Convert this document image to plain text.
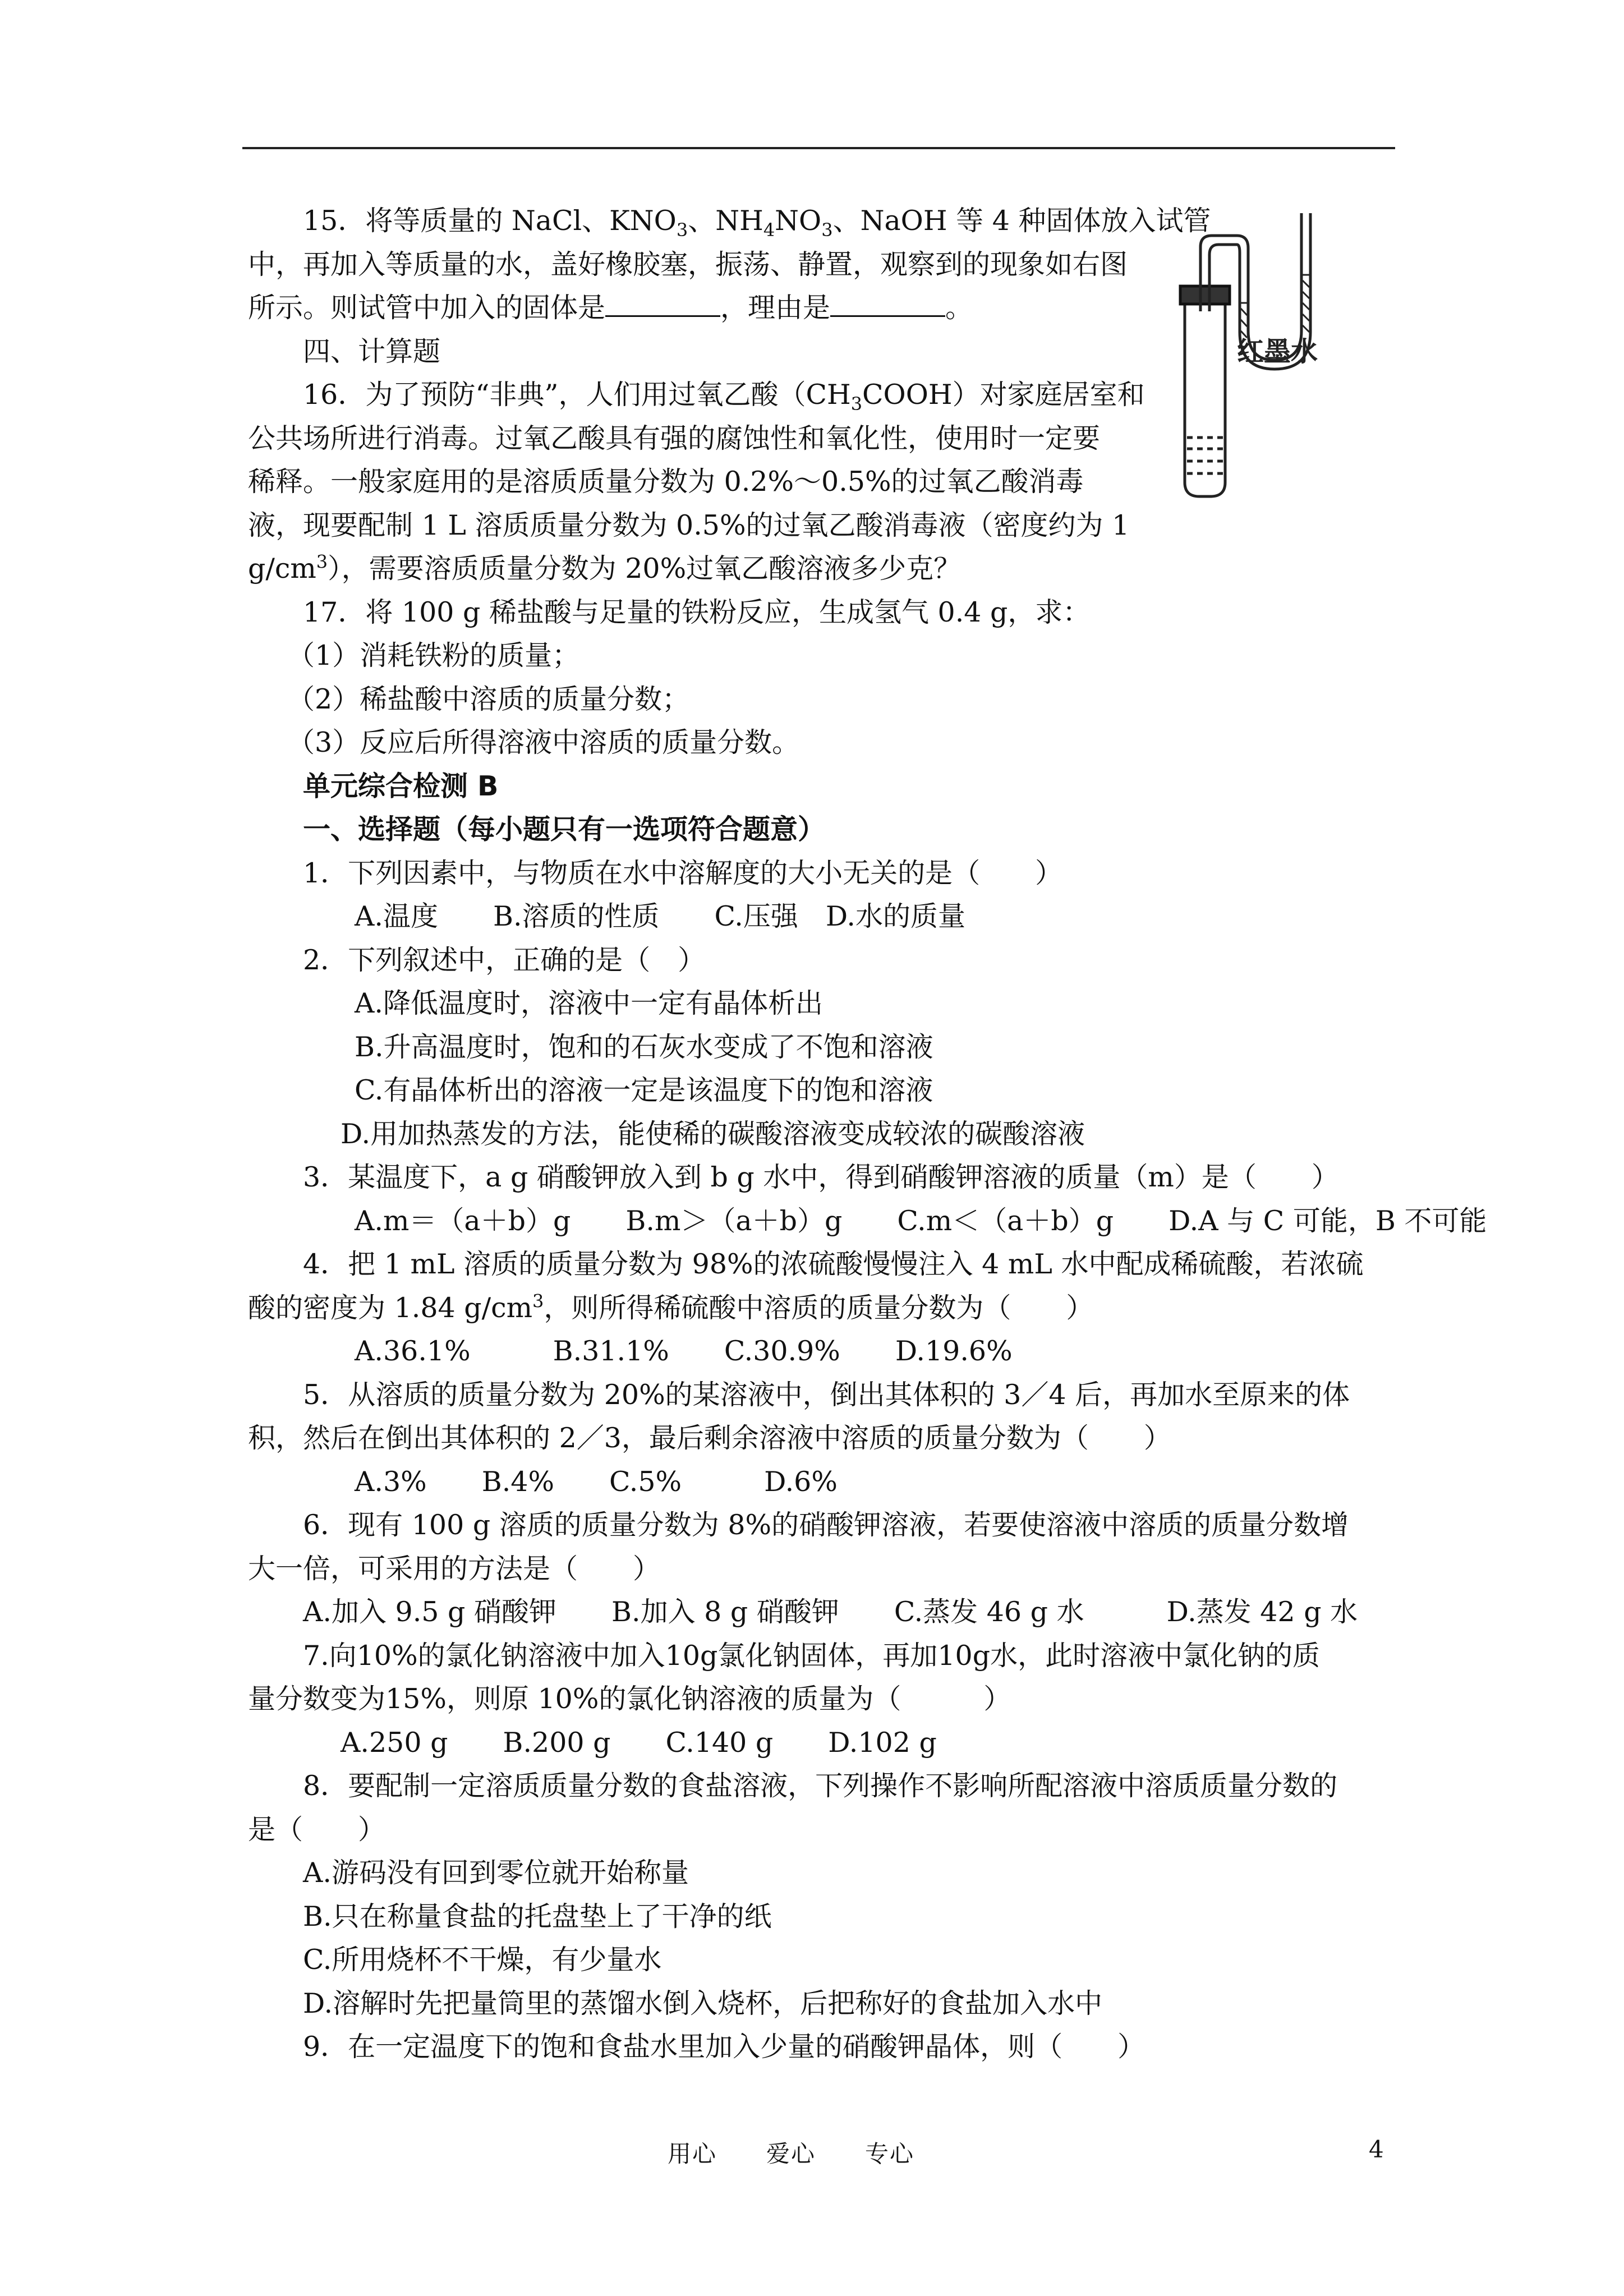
红墨水
15．将等质量的 NaCl、$KNO_3$、$NH_4NO_3$、NaOH 等 4 种固体放入试管
中，再加入等质量的水，盖好橡胶塞，振荡、静置，观察到的现象如右图
所示。则试管中加入的固体是	，理由是	。
四、计算题
16．为了预防“非典”，人们用过氧乙酸$(CH_3COOH)$对家庭居室和
公共场所进行消毒。过氧乙酸具有强的腐蚀性和氧化性，使用时一定要
稀释。一般家庭用的是溶质质量分数为 0.2%～0.5%的过氧乙酸消毒
液，现要配制 1 L 溶质质量分数为 0.5%的过氧乙酸消毒液（密度约为 1
$g/cm^3$），需要溶质质量分数为 20%过氧乙酸溶液多少克？
17．将 100 g 稀盐酸与足量的铁粉反应，生成氢气 0.4 g，求：
（1）消耗铁粉的质量；
（2）稀盐酸中溶质的质量分数；
（3）反应后所得溶液中溶质的质量分数。
单元综合检测 B
一、选择题（每小题只有一选项符合题意）
1．下列因素中，与物质在水中溶解度的大小无关的是（　　）
A.温度　　B.溶质的性质　　C.压强　D.水的质量
2．下列叙述中，正确的是（　）
A.降低温度时，溶液中一定有晶体析出
B.升高温度时，饱和的石灰水变成了不饱和溶液
C.有晶体析出的溶液一定是该温度下的饱和溶液
D.用加热蒸发的方法，能使稀的碳酸溶液变成较浓的碳酸溶液
3．某温度下，a g 硝酸钾放入到 b g 水中，得到硝酸钾溶液的质量（m）是（　　）
A.m＝（a＋b）g　　B.m＞（a＋b）g　　C.m＜（a＋b）g　　D.A 与 C 可能，B 不可能
4．把 1 mL 溶质的质量分数为 98%的浓硫酸慢慢注入 4 mL 水中配成稀硫酸，若浓硫
酸的密度为 1.84 $g/cm^3$，则所得稀硫酸中溶质的质量分数为（　　）
A.36.1%　　　B.31.1%　　C.30.9%　　D.19.6%
5．从溶质的质量分数为 20%的某溶液中，倒出其体积的 3／4 后，再加水至原来的体
积，然后在倒出其体积的 2／3，最后剩余溶液中溶质的质量分数为（　　）
A.3%　　B.4%　　C.5%　　　D.6%
6．现有 100 g 溶质的质量分数为 8%的硝酸钾溶液，若要使溶液中溶质的质量分数增
大一倍，可采用的方法是（　　）
A.加入 9.5 g 硝酸钾　　B.加入 8 g 硝酸钾　　C.蒸发 46 g 水　　　D.蒸发 42 g 水
7.向10%的氯化钠溶液中加入10g氯化钠固体，再加10g水，此时溶液中氯化钠的质
量分数变为15%，则原 10%的氯化钠溶液的质量为（　　　）
A.250 g　　B.200 g　　C.140 g　　D.102 g
8．要配制一定溶质质量分数的食盐溶液，下列操作不影响所配溶液中溶质质量分数的
是（　　）
A.游码没有回到零位就开始称量
B.只在称量食盐的托盘垫上了干净的纸
C.所用烧杯不干燥，有少量水
D.溶解时先把量筒里的蒸馏水倒入烧杯，后把称好的食盐加入水中
9．在一定温度下的饱和食盐水里加入少量的硝酸钾晶体，则（　　）
用心　　爱心　　专心	4
